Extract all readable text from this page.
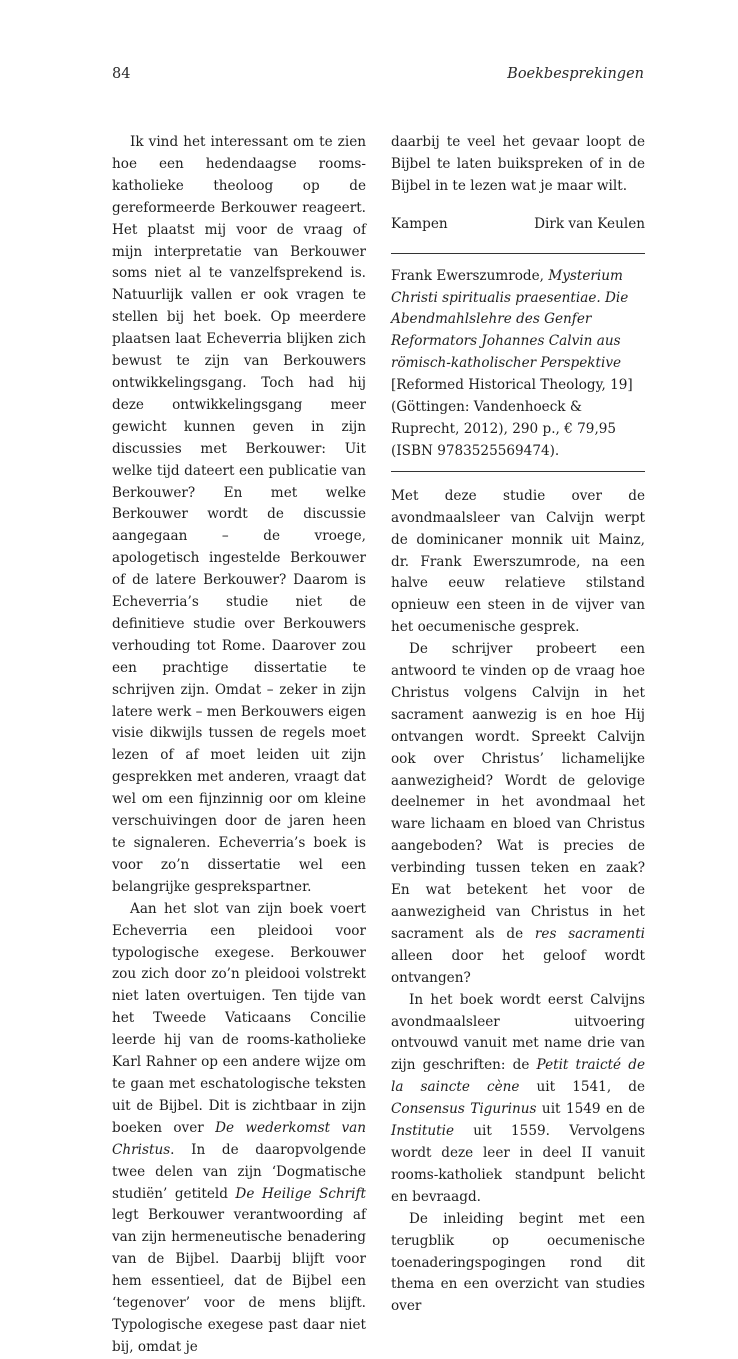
84	Boekbesprekingen

Ik vind het interessant om te zien hoe een hedendaagse rooms-katholieke theoloog op de gereformeerde Berkouwer reageert. Het plaatst mij voor de vraag of mijn interpretatie van Berkouwer soms niet al te vanzelfsprekend is. Natuurlijk vallen er ook vragen te stellen bij het boek. Op meerdere plaatsen laat Echeverria blijken zich bewust te zijn van Berkouwers ontwikkelingsgang. Toch had hij deze ontwikkelingsgang meer gewicht kunnen geven in zijn discussies met Berkouwer: Uit welke tijd dateert een publicatie van Berkouwer? En met welke Berkouwer wordt de discussie aangegaan – de vroege, apologetisch ingestelde Berkouwer of de latere Berkouwer? Daarom is Echeverria’s studie niet de definitieve studie over Berkouwers verhouding tot Rome. Daarover zou een prachtige dissertatie te schrijven zijn. Omdat – zeker in zijn latere werk – men Berkouwers eigen visie dikwijls tussen de regels moet lezen of af moet leiden uit zijn gesprekken met anderen, vraagt dat wel om een fijnzinnig oor om kleine verschuivingen door de jaren heen te signaleren. Echeverria’s boek is voor zo’n dissertatie wel een belangrijke gesprekspartner.

Aan het slot van zijn boek voert Echeverria een pleidooi voor typologische exegese. Berkouwer zou zich door zo’n pleidooi volstrekt niet laten overtuigen. Ten tijde van het Tweede Vaticaans Concilie leerde hij van de rooms-katholieke Karl Rahner op een andere wijze om te gaan met eschatologische teksten uit de Bijbel. Dit is zichtbaar in zijn boeken over De wederkomst van Christus. In de daaropvolgende twee delen van zijn ‘Dogmatische studiën’ getiteld De Heilige Schrift legt Berkouwer verantwoording af van zijn hermeneutische benadering van de Bijbel. Daarbij blijft voor hem essentieel, dat de Bijbel een ‘tegenover’ voor de mens blijft. Typologische exegese past daar niet bij, omdat je

daarbij te veel het gevaar loopt de Bijbel te laten buikspreken of in de Bijbel in te lezen wat je maar wilt.

Kampen	Dirk van Keulen

Frank Ewerszumrode, Mysterium Christi spiritualis praesentiae. Die Abendmahlslehre des Genfer Reformators Johannes Calvin aus römisch-katholischer Perspektive [Reformed Historical Theology, 19] (Göttingen: Vandenhoeck & Ruprecht, 2012), 290 p., € 79,95 (ISBN 9783525569474).

Met deze studie over de avondmaalsleer van Calvijn werpt de dominicaner monnik uit Mainz, dr. Frank Ewerszumrode, na een halve eeuw relatieve stilstand opnieuw een steen in de vijver van het oecumenische gesprek.

De schrijver probeert een antwoord te vinden op de vraag hoe Christus volgens Calvijn in het sacrament aanwezig is en hoe Hij ontvangen wordt. Spreekt Calvijn ook over Christus’ lichamelijke aanwezigheid? Wordt de gelovige deelnemer in het avondmaal het ware lichaam en bloed van Christus aangeboden? Wat is precies de verbinding tussen teken en zaak? En wat betekent het voor de aanwezigheid van Christus in het sacrament als de res sacramenti alleen door het geloof wordt ontvangen?

In het boek wordt eerst Calvijns avondmaalsleer uitvoering ontvouwd vanuit met name drie van zijn geschriften: de Petit traicté de la saincte cène uit 1541, de Consensus Tigurinus uit 1549 en de Institutie uit 1559. Vervolgens wordt deze leer in deel II vanuit rooms-katholiek standpunt belicht en bevraagd.

De inleiding begint met een terugblik op oecumenische toenaderingspogingen rond dit thema en een overzicht van studies over
